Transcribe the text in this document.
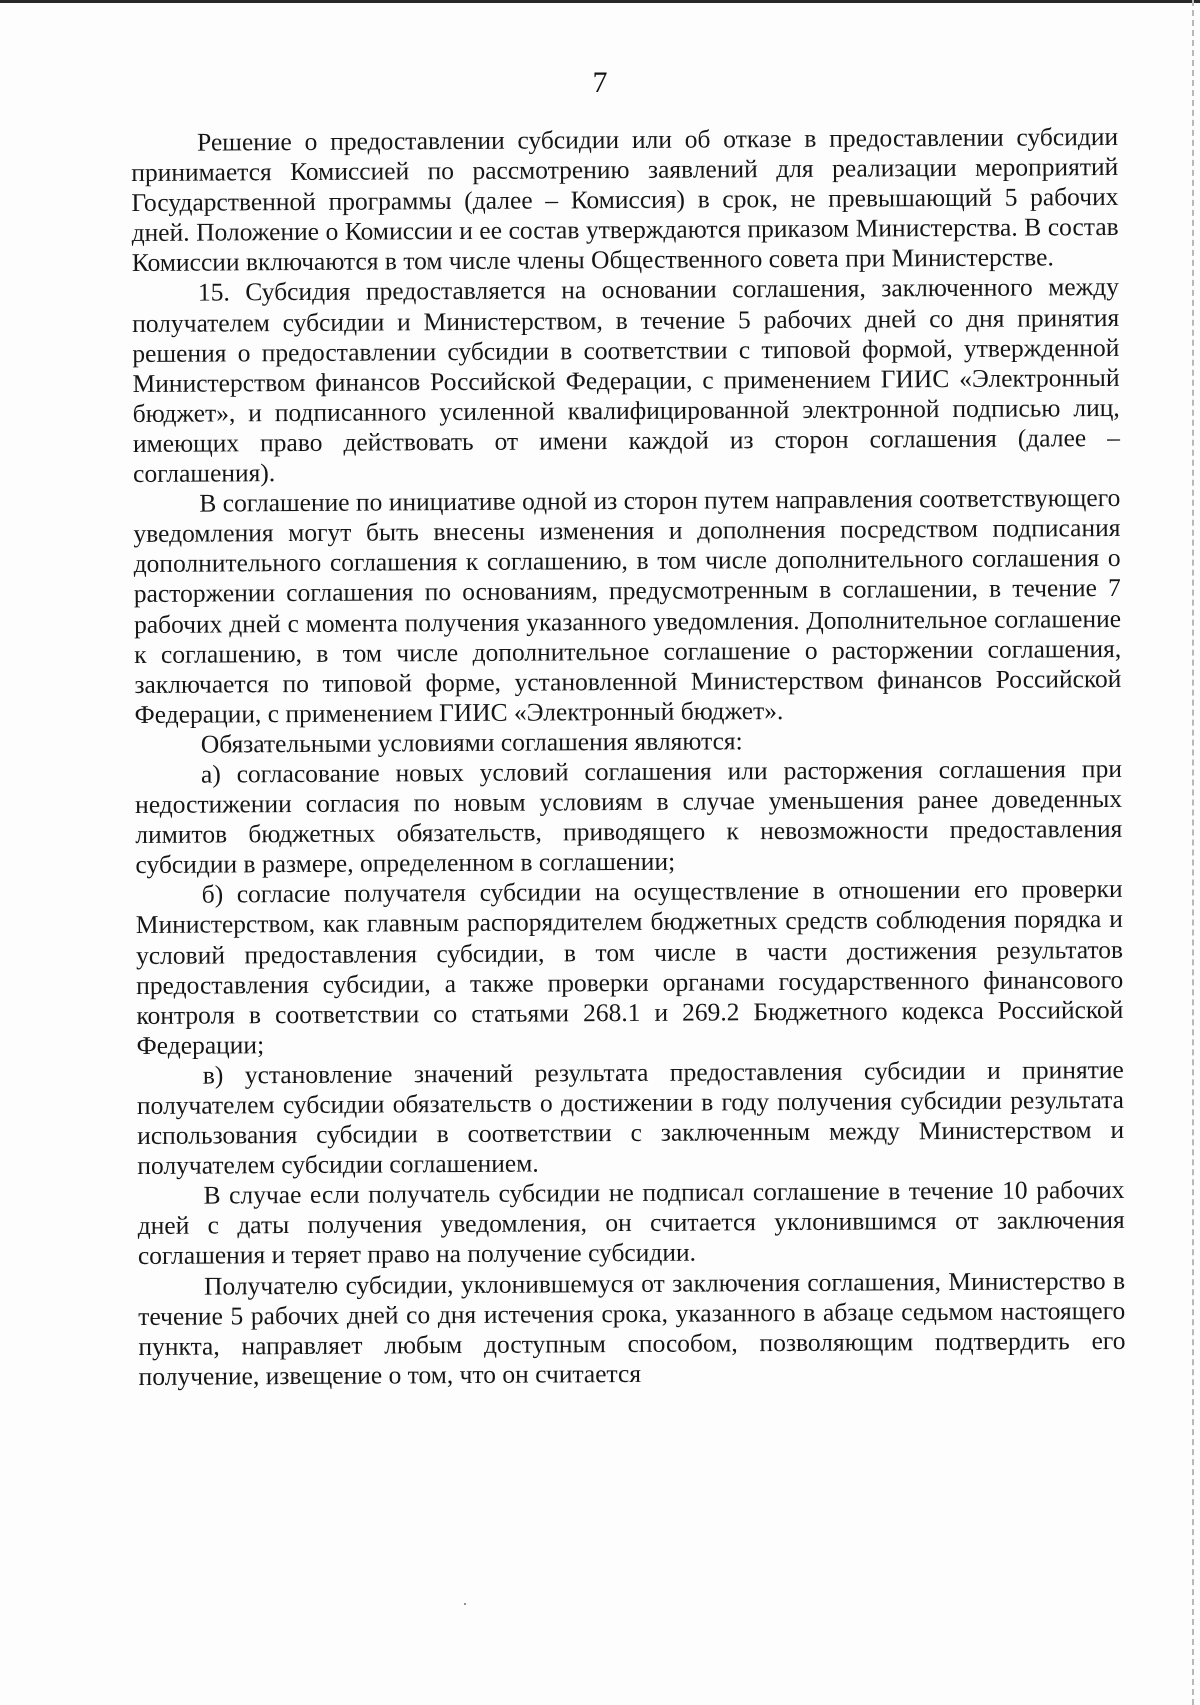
7

Решение о предоставлении субсидии или об отказе в предоставлении субсидии принимается Комиссией по рассмотрению заявлений для реализации мероприятий Государственной программы (далее – Комиссия) в срок, не превышающий 5 рабочих дней. Положение о Комиссии и ее состав утверждаются приказом Министерства. В состав Комиссии включаются в том числе члены Общественного совета при Министерстве.

15. Субсидия предоставляется на основании соглашения, заключенного между получателем субсидии и Министерством, в течение 5 рабочих дней со дня принятия решения о предоставлении субсидии в соответствии с типовой формой, утвержденной Министерством финансов Российской Федерации, с применением ГИИС «Электронный бюджет», и подписанного усиленной квалифицированной электронной подписью лиц, имеющих право действовать от имени каждой из сторон соглашения (далее – соглашения).

В соглашение по инициативе одной из сторон путем направления соответствующего уведомления могут быть внесены изменения и дополнения посредством подписания дополнительного соглашения к соглашению, в том числе дополнительного соглашения о расторжении соглашения по основаниям, предусмотренным в соглашении, в течение 7 рабочих дней с момента получения указанного уведомления. Дополнительное соглашение к соглашению, в том числе дополнительное соглашение о расторжении соглашения, заключается по типовой форме, установленной Министерством финансов Российской Федерации, с применением ГИИС «Электронный бюджет».

Обязательными условиями соглашения являются:

а) согласование новых условий соглашения или расторжения соглашения при недостижении согласия по новым условиям в случае уменьшения ранее доведенных лимитов бюджетных обязательств, приводящего к невозможности предоставления субсидии в размере, определенном в соглашении;

б) согласие получателя субсидии на осуществление в отношении его проверки Министерством, как главным распорядителем бюджетных средств соблюдения порядка и условий предоставления субсидии, в том числе в части достижения результатов предоставления субсидии, а также проверки органами государственного финансового контроля в соответствии со статьями 268.1 и 269.2 Бюджетного кодекса Российской Федерации;

в) установление значений результата предоставления субсидии и принятие получателем субсидии обязательств о достижении в году получения субсидии результата использования субсидии в соответствии с заключенным между Министерством и получателем субсидии соглашением.

В случае если получатель субсидии не подписал соглашение в течение 10 рабочих дней с даты получения уведомления, он считается уклонившимся от заключения соглашения и теряет право на получение субсидии.

Получателю субсидии, уклонившемуся от заключения соглашения, Министерство в течение 5 рабочих дней со дня истечения срока, указанного в абзаце седьмом настоящего пункта, направляет любым доступным способом, позволяющим подтвердить его получение, извещение о том, что он считается
